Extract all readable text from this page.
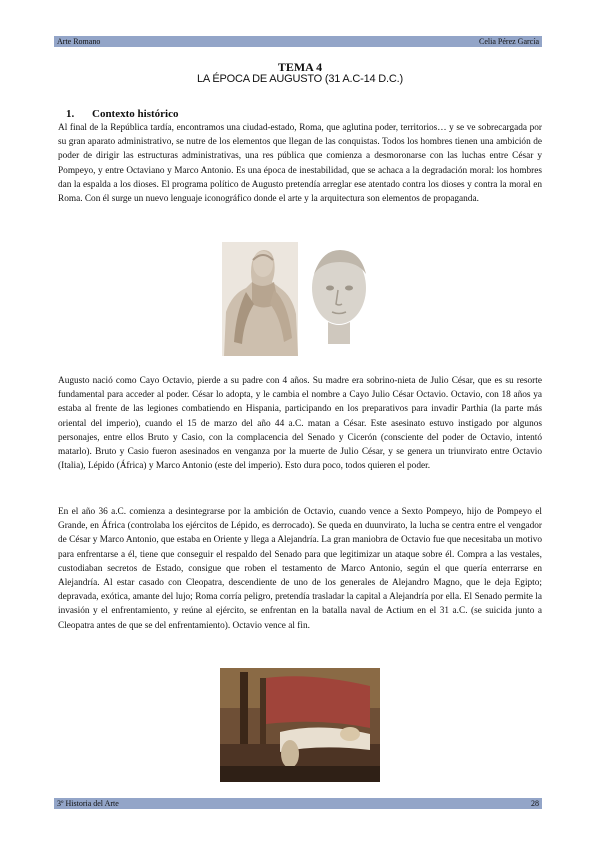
Arte Romano	Celia Pérez García
TEMA 4
LA ÉPOCA DE AUGUSTO (31 A.C-14 D.C.)
1. Contexto histórico

Al final de la República tardía, encontramos una ciudad-estado, Roma, que aglutina poder, territorios… y se ve sobrecargada por su gran aparato administrativo, se nutre de los elementos que llegan de las conquistas. Todos los hombres tienen una ambición de poder de dirigir las estructuras administrativas, una res pública que comienza a desmoronarse con las luchas entre César y Pompeyo, y entre Octaviano y Marco Antonio. Es una época de inestabilidad, que se achaca a la degradación moral: los hombres dan la espalda a los dioses. El programa político de Augusto pretendía arreglar ese atentado contra los dioses y contra la moral en Roma. Con él surge un nuevo lenguaje iconográfico donde el arte y la arquitectura son elementos de propaganda.

Augusto nació como Cayo Octavio, pierde a su padre con 4 años. Su madre era sobrino-nieta de Julio César, que es su resorte fundamental para acceder al poder. César lo adopta, y le cambia el nombre a Cayo Julio César Octavio. Octavio, con 18 años ya estaba al frente de las legiones combatiendo en Hispania, participando en los preparativos para invadir Parthia (la parte más oriental del imperio), cuando el 15 de marzo del año 44 a.C. matan a César. Este asesinato estuvo instigado por algunos personajes, entre ellos Bruto y Casio, con la complacencia del Senado y Cicerón (consciente del poder de Octavio, intentó matarlo). Bruto y Casio fueron asesinados en venganza por la muerte de Julio César, y se genera un triunvirato entre Octavio (Italia), Lépido (África) y Marco Antonio (este del imperio). Esto dura poco, todos quieren el poder.

En el año 36 a.C. comienza a desintegrarse por la ambición de Octavio, cuando vence a Sexto Pompeyo, hijo de Pompeyo el Grande, en África (controlaba los ejércitos de Lépido, es derrocado). Se queda en duunvirato, la lucha se centra entre el vengador de César y Marco Antonio, que estaba en Oriente y llega a Alejandría. La gran maniobra de Octavio fue que necesitaba un motivo para enfrentarse a él, tiene que conseguir el respaldo del Senado para que legitimizar un ataque sobre él. Compra a las vestales, custodiaban secretos de Estado, consigue que roben el testamento de Marco Antonio, según el que quería enterrarse en Alejandría. Al estar casado con Cleopatra, descendiente de uno de los generales de Alejandro Magno, que le deja Egipto; depravada, exótica, amante del lujo; Roma corría peligro, pretendía trasladar la capital a Alejandría por ella. El Senado permite la invasión y el enfrentamiento, y reúne al ejército, se enfrentan en la batalla naval de Actium en el 31 a.C. (se suicida junto a Cleopatra antes de que se del enfrentamiento). Octavio vence al fin.

3º Historia del Arte	28
